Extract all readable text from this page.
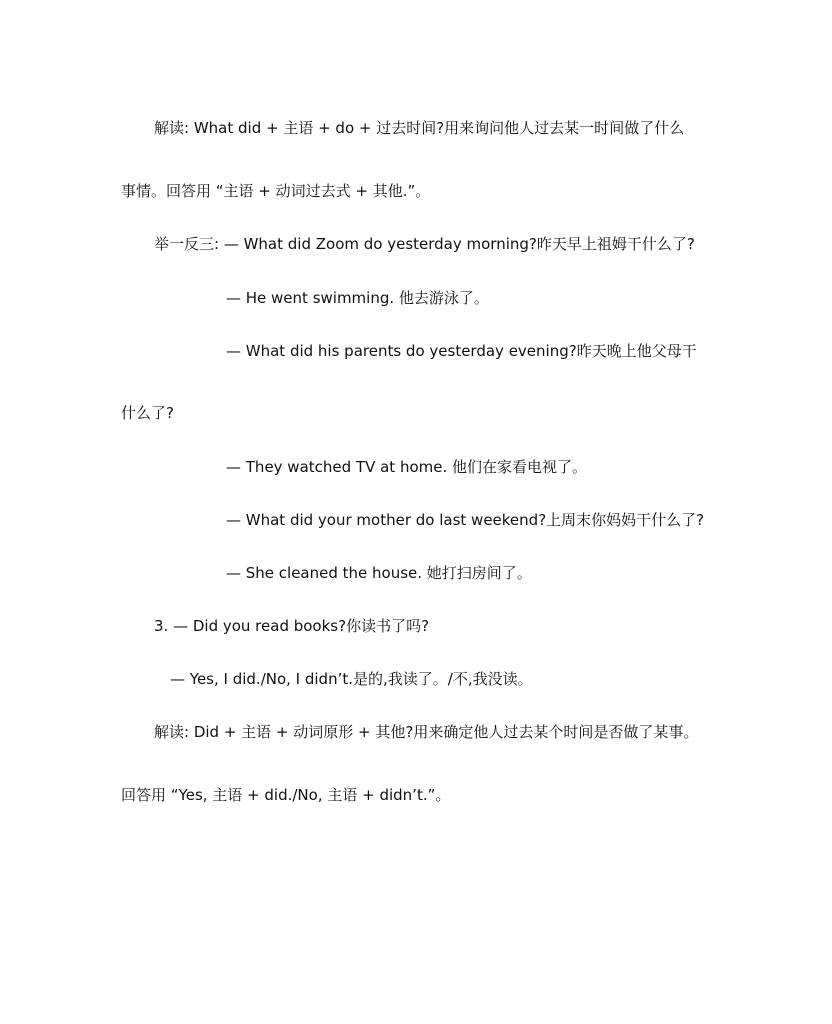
解读: What did + 主语 + do + 过去时间?用来询问他人过去某一时间做了什么
事情。回答用 “主语 + 动词过去式 + 其他.”。
举一反三: — What did Zoom do yesterday morning?昨天早上祖姆干什么了?
— He went swimming. 他去游泳了。
— What did his parents do yesterday evening?昨天晚上他父母干
什么了?
— They watched TV at home. 他们在家看电视了。
— What did your mother do last weekend?上周末你妈妈干什么了?
— She cleaned the house. 她打扫房间了。
3. — Did you read books?你读书了吗?
— Yes, I did./No, I didn’t.是的,我读了。/不,我没读。
解读: Did + 主语 + 动词原形 + 其他?用来确定他人过去某个时间是否做了某事。
回答用 “Yes, 主语 + did./No, 主语 + didn’t.”。
